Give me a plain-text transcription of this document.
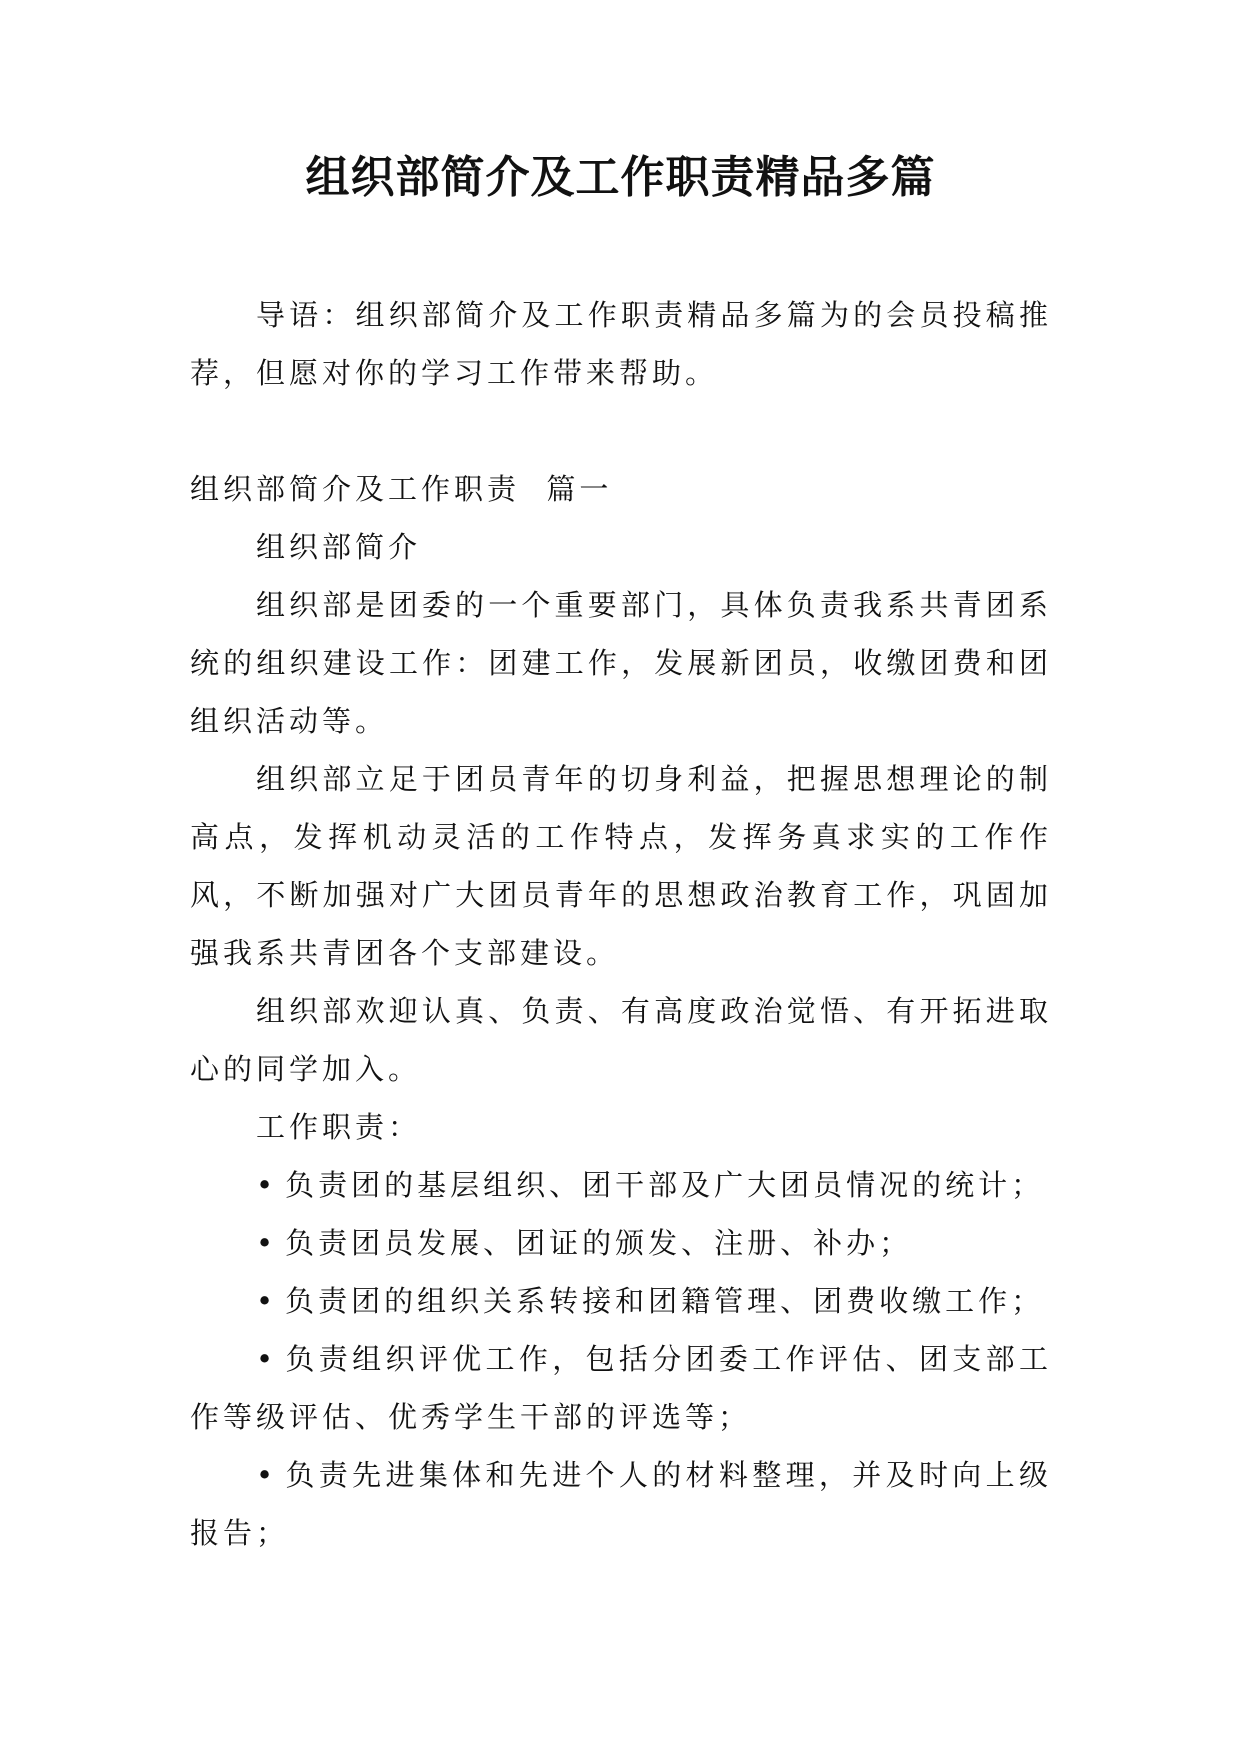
组织部简介及工作职责精品多篇

导语：组织部简介及工作职责精品多篇为的会员投稿推荐，但愿对你的学习工作带来帮助。

组织部简介及工作职责  篇一

组织部简介

组织部是团委的一个重要部门，具体负责我系共青团系统的组织建设工作：团建工作，发展新团员，收缴团费和团组织活动等。

组织部立足于团员青年的切身利益，把握思想理论的制高点，发挥机动灵活的工作特点，发挥务真求实的工作作风，不断加强对广大团员青年的思想政治教育工作，巩固加强我系共青团各个支部建设。

组织部欢迎认真、负责、有高度政治觉悟、有开拓进取心的同学加入。

工作职责：

• 负责团的基层组织、团干部及广大团员情况的统计；

• 负责团员发展、团证的颁发、注册、补办；

• 负责团的组织关系转接和团籍管理、团费收缴工作；

• 负责组织评优工作，包括分团委工作评估、团支部工作等级评估、优秀学生干部的评选等；

• 负责先进集体和先进个人的材料整理，并及时向上级报告；
